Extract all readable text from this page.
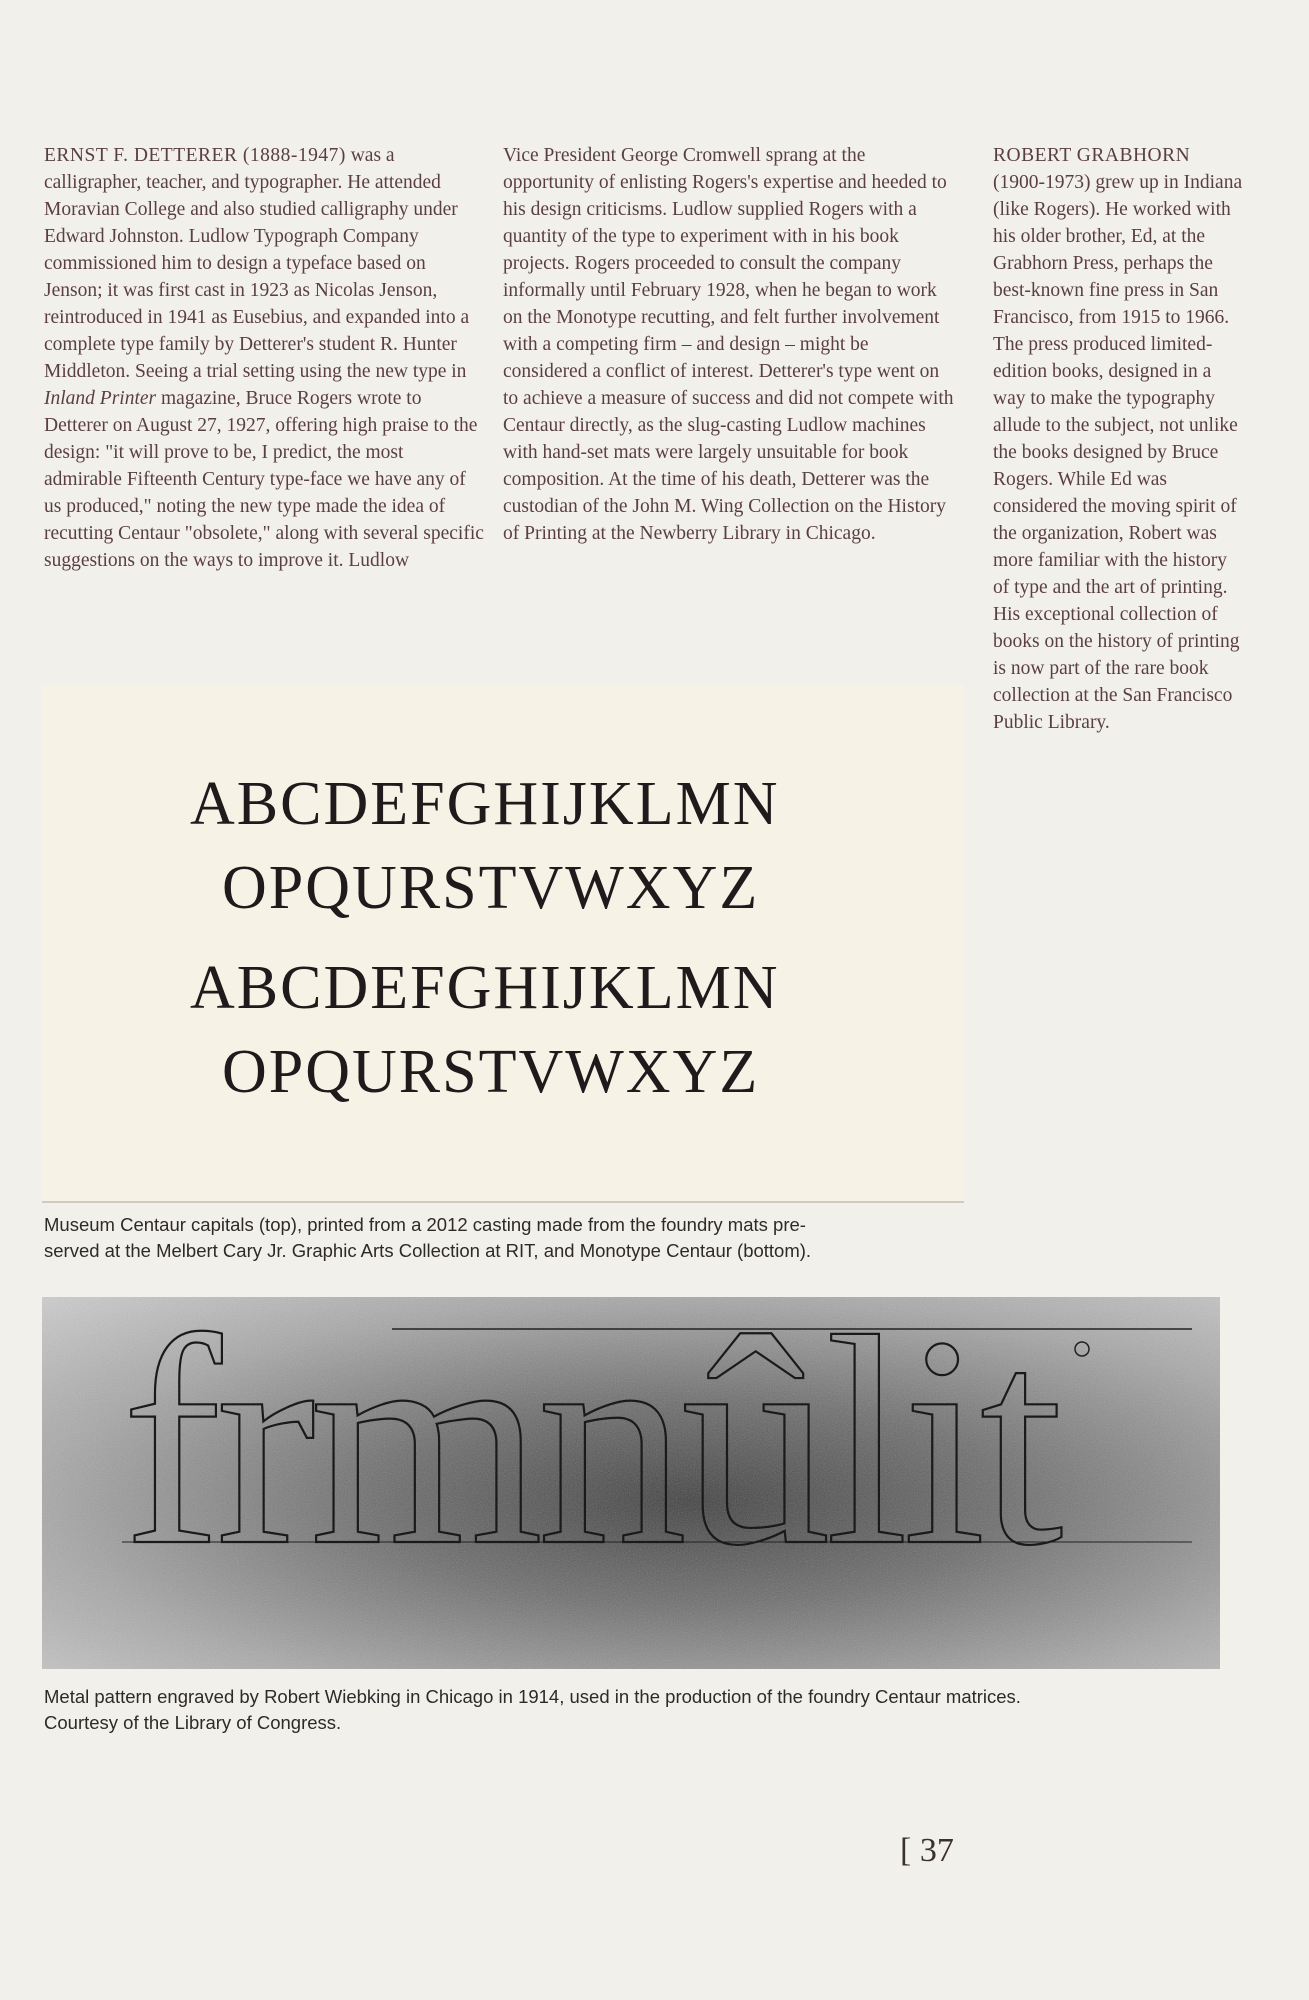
ERNST F. DETTERER (1888-1947) was a calligrapher, teacher, and typographer. He attended Moravian College and also studied calligraphy under Edward Johnston. Ludlow Typograph Company commissioned him to design a typeface based on Jenson; it was first cast in 1923 as Nicolas Jenson, reintroduced in 1941 as Eusebius, and expanded into a complete type family by Detterer's student R. Hunter Middleton. Seeing a trial setting using the new type in Inland Printer magazine, Bruce Rogers wrote to Detterer on August 27, 1927, offering high praise to the design: "it will prove to be, I predict, the most admirable Fifteenth Century type-face we have any of us produced," noting the new type made the idea of recutting Centaur "obsolete," along with several specific suggestions on the ways to improve it. Ludlow

Vice President George Cromwell sprang at the opportunity of enlisting Rogers's expertise and heeded to his design criticisms. Ludlow supplied Rogers with a quantity of the type to experiment with in his book projects. Rogers proceeded to consult the company informally until February 1928, when he began to work on the Monotype recutting, and felt further involvement with a competing firm – and design – might be considered a conflict of interest. Detterer's type went on to achieve a measure of success and did not compete with Centaur directly, as the slug-casting Ludlow machines with hand-set mats were largely unsuitable for book composition. At the time of his death, Detterer was the custodian of the John M. Wing Collection on the History of Printing at the Newberry Library in Chicago.

ROBERT GRABHORN (1900-1973) grew up in Indiana (like Rogers). He worked with his older brother, Ed, at the Grabhorn Press, perhaps the best-known fine press in San Francisco, from 1915 to 1966. The press produced limited-edition books, designed in a way to make the typography allude to the subject, not unlike the books designed by Bruce Rogers. While Ed was considered the moving spirit of the organization, Robert was more familiar with the history of type and the art of printing. His exceptional collection of books on the history of printing is now part of the rare book collection at the San Francisco Public Library.

ABCDEFGHIJKLMN
OPQURSTVWXYZ
ABCDEFGHIJKLMN
OPQURSTVWXYZ
Museum Centaur capitals (top), printed from a 2012 casting made from the foundry mats pre-
served at the Melbert Cary Jr. Graphic Arts Collection at RIT, and Monotype Centaur (bottom).
frmnûlit
Metal pattern engraved by Robert Wiebking in Chicago in 1914, used in the production of the foundry Centaur matrices.
Courtesy of the Library of Congress.
[ 37
